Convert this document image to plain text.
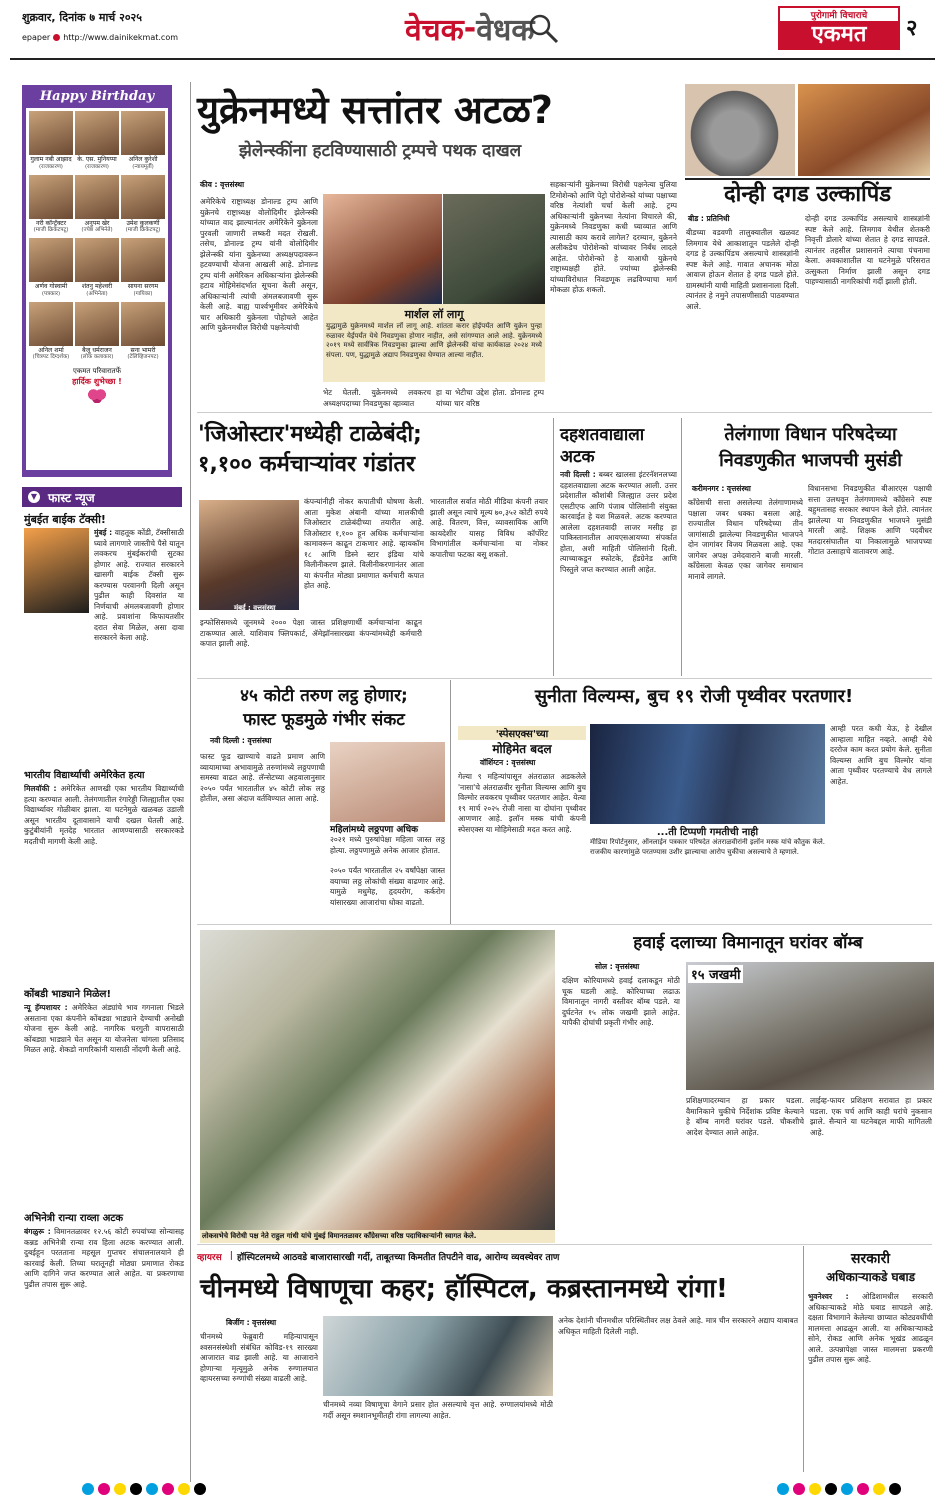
शुक्रवार, दिनांक ७ मार्च २०२५
epaper http://www.dainikekmat.com	वेचक - वेधक	पुरोगामी विचाराचे
एकमत	२
Happy Birthday
गुलाम नबी आझाद
(राजकारण)
के. एस. मुनियप्पा
(राजकारण)
अनिल कुरेशी
(न्यायमूर्ती)
नरी कॉन्ट्रॅक्टर
(माजी क्रिकेटपटू)
अनुपम खेर
(ज्येष्ठ अभिनेते)
उमेश कुलकर्णी
(माजी क्रिकेटपटू)
अर्णव गोस्वामी
(पत्रकार)
शंतनु महेश्वरी
(अभिनेता)
सायना सरगम
(गायिका)
अनिल शर्मा
(चित्रपट दिग्दर्शक)
बैजू धर्मराजन
(लोक कलाकार)
सना भामरी
(टेलिव्हिजनपट)
एकमत परिवारातर्फे
हार्दिक शुभेच्छा !
▼ फास्ट न्यूज
मुंबईत बाईक टॅक्सी!
मुंबई : वाहतूक कोंडी, टॅक्सीसाठी घ्यावे लागणारे जास्तीचे पैसे यातून लवकरच मुंबईकरांची सुटका होणार आहे. राज्यात सरकारने खासगी बाईक टॅक्सी सुरू करण्यास परवानगी दिली असून पुढील काही दिवसांत या निर्णयाची अंमलबजावणी होणार आहे. प्रवाशांना किफायतशीर दरात सेवा मिळेल, असा दावा सरकारने केला आहे.
भारतीय विद्यार्थ्याची अमेरिकेत हत्या
मिलवॉकी : अमेरिकेत आणखी एका भारतीय विद्यार्थ्याची हत्या करण्यात आली. तेलंगणातील रंगारेड्डी जिल्ह्यातील एका विद्यार्थ्यावर गोळीबार झाला. या घटनेमुळे खळबळ उडाली असून भारतीय दूतावासाने याची दखल घेतली आहे. कुटुंबीयांनी मृतदेह भारतात आणण्यासाठी सरकारकडे मदतीची मागणी केली आहे.
कोंबडी भाड्याने मिळेल!
न्यू हॅम्पशायर : अमेरिकेत अंड्यांचे भाव गगनाला भिडले असताना एका कंपनीने कोंबड्या भाड्याने देण्याची अनोखी योजना सुरू केली आहे. नागरिक घरगुती वापरासाठी कोंबड्या भाड्याने घेत असून या योजनेला चांगला प्रतिसाद मिळत आहे. शेकडो नागरिकांनी यासाठी नोंदणी केली आहे.
अभिनेत्री रान्या राव्ला अटक
बंगळुरू : विमानतळावर १२.५६ कोटी रुपयांच्या सोन्यासह कन्नड अभिनेत्री रान्या राव हिला अटक करण्यात आली. दुबईहून परतताना महसूल गुप्तचर संचालनालयाने ही कारवाई केली. तिच्या घरातूनही मोठ्या प्रमाणात रोकड आणि दागिने जप्त करण्यात आले आहेत. या प्रकरणाचा पुढील तपास सुरू आहे.
युक्रेनमध्ये सत्तांतर अटळ?
झेलेन्स्कींना हटविण्यासाठी ट्रम्पचे पथक दाखल
कीव : वृत्तसंस्था
अमेरिकेचे राष्ट्राध्यक्ष डोनाल्ड ट्रम्प आणि युक्रेनचे राष्ट्राध्यक्ष वोलोदिमीर झेलेन्स्की यांच्यात वाद झाल्यानंतर अमेरिकेने युक्रेनला पुरवली जाणारी लष्करी मदत रोखली. तसेच, डोनाल्ड ट्रम्प यांनी वोलोदिमीर झेलेन्स्की यांना युक्रेनच्या अध्यक्षपदावरून हटवण्याची योजना आखली आहे. डोनाल्ड ट्रम्प यांनी अमेरिकन अधिकाऱ्यांना झेलेन्स्की हटाव मोहिमेसंदर्भात सूचना केली असून, अधिकाऱ्यांनी त्यांची अंमलबजावणी सुरू केली आहे. बाह्य पार्श्वभूमीवर अमेरिकेचे चार अधिकारी युक्रेनला पोहोचले आहेत आणि युक्रेनमधील विरोधी पक्षनेत्यांची
मार्शल लॉ लागू
युद्धामुळे युक्रेनमध्ये मार्शल लॉ लागू आहे. शांतता करार होईपर्यंत आणि युक्रेन पुन्हा रुळावर येईपर्यंत येथे निवडणुका होणार नाहीत, असे सांगण्यात आले आहे. युक्रेनमध्ये २०१९ मध्ये सार्वत्रिक निवडणुका झाल्या आणि झेलेन्स्की यांचा कार्यकाळ २०२४ मध्ये संपला. पण, युद्धामुळे अद्याप निवडणुका घेण्यात आल्या नाहीत.
भेट घेतली. युक्रेनमध्ये लवकरच अध्यक्षपदाच्या निवडणुका व्हाव्यात
हा या भेटीचा उद्देश होता. डोनाल्ड ट्रम्प यांच्या चार वरिष्ठ
सहकाऱ्यांनी युक्रेनच्या विरोधी पक्षनेत्या युलिया टिमोशेन्को आणि पेट्रो पोरोशेन्को यांच्या पक्षाच्या वरिष्ठ नेत्यांशी चर्चा केली आहे. ट्रम्प अधिकाऱ्यांनी युक्रेनच्या नेत्यांना विचारले की, युक्रेनमध्ये निवडणुका कधी घ्याव्यात आणि त्यासाठी काय करावे लागेल? दरम्यान, युक्रेनने अलीकडेच पोरोशेन्को यांच्यावर निर्बंध लादले आहेत. पोरोशेन्को हे याआधी युक्रेनचे राष्ट्राध्यक्षही होते. ज्यांच्या झेलेन्स्की यांच्याविरोधात निवडणूक लढविण्याचा मार्ग मोकळा होऊ शकतो.
दोन्ही दगड उल्कापिंड
बीड : प्रतिनिधी
बीडच्या वडवणी तालुक्यातील खळवट लिमगाव येथे आकाशातून पडलेले दोन्ही दगड हे उल्कापिंडच असल्याचे शास्त्रज्ञांनी स्पष्ट केले आहे. गावात अचानक मोठा आवाज होऊन शेतात हे दगड पडले होते. ग्रामस्थांनी याची माहिती प्रशासनाला दिली. त्यानंतर हे नमुने तपासणीसाठी पाठवण्यात आले.
दोन्ही दगड उल्कापिंड असल्याचे शास्त्रज्ञांनी स्पष्ट केले आहे. लिमगाव येथील शेतकरी निवृत्ती डोलारे यांच्या शेतात हे दगड सापडले. त्यानंतर तहसील प्रशासनाने त्याचा पंचनामा केला. अवकाशातील या घटनेमुळे परिसरात उत्सुकता निर्माण झाली असून दगड पाहण्यासाठी नागरिकांची गर्दी झाली होती.
'जिओस्टार'मध्येही टाळेबंदी;
१,१०० कर्मचाऱ्यांवर गंडांतर
मुंबई : वृत्तसंस्था
कंपन्यांनीही नोकर कपातीची घोषणा केली. आता मुकेश अंबानी यांच्या मालकीची जिओस्टार टाळेबंदीच्या तयारीत आहे. जिओस्टार १,१०० हून अधिक कर्मचाऱ्यांना कामावरून काढून टाकणार आहे. व्हायकॉम १८ आणि डिस्ने स्टार इंडिया यांचे विलीनीकरण झाले. विलीनीकरणानंतर आता या कंपनीत मोठ्या प्रमाणात कर्मचारी कपात होत आहे.
भारतातील सर्वात मोठी मीडिया कंपनी तयार झाली असून त्याचे मूल्य ७०,३५२ कोटी रुपये आहे. वितरण, वित्त, व्यावसायिक आणि कायदेशीर यासह विविध कॉर्पोरेट विभागांतील कर्मचाऱ्यांना या नोकर कपातीचा फटका बसू शकतो.
इन्फोसिसमध्ये जूनमध्ये २००० पेक्षा जास्त प्रशिक्षणार्थी कर्मचाऱ्यांना काढून टाकण्यात आले. याशिवाय फ्लिपकार्ट, ॲमेझॉनसारख्या कंपन्यांमध्येही कर्मचारी कपात झाली आहे.
दहशतवाद्याला
अटक
नवी दिल्ली : बब्बर खालसा इंटरनॅशनलच्या दहशतवाद्याला अटक करण्यात आली. उत्तर प्रदेशातील कौशांबी जिल्ह्यात उत्तर प्रदेश एसटीएफ आणि पंजाब पोलिसांनी संयुक्त कारवाईत हे यश मिळवले. अटक करण्यात आलेला दहशतवादी लाजर मसीह हा पाकिस्तानातील आयएसआयच्या संपर्कात होता, अशी माहिती पोलिसांनी दिली. त्याच्याकडून स्फोटके, हँडग्रेनेड आणि पिस्तुले जप्त करण्यात आली आहेत.
तेलंगाणा विधान परिषदेच्या
निवडणुकीत भाजपची मुसंडी
करीमनगर : वृत्तसंस्था
कॉंग्रेसची सत्ता असलेल्या तेलंगाणामध्ये पक्षाला जबर धक्का बसला आहे. राज्यातील विधान परिषदेच्या तीन जागांसाठी झालेल्या निवडणुकीत भाजपने दोन जागांवर विजय मिळवला आहे. एका जागेवर अपक्ष उमेदवाराने बाजी मारली. कॉंग्रेसला केवळ एका जागेवर समाधान मानावे लागले.
विधानसभा निवडणुकीत बीआरएस पक्षाची सत्ता उलथवून तेलंगणामध्ये कॉंग्रेसने स्पष्ट बहुमतासह सरकार स्थापन केले होते. त्यानंतर झालेल्या या निवडणुकीत भाजपने मुसंडी मारली आहे. शिक्षक आणि पदवीधर मतदारसंघातील या निकालामुळे भाजपच्या गोटात उत्साहाचे वातावरण आहे.
४५ कोटी तरुण लट्ठ होणार;
फास्ट फूडमुळे गंभीर संकट
नवी दिल्ली : वृत्तसंस्था
फास्ट फूड खाण्याचे वाढते प्रमाण आणि व्यायामाच्या अभावामुळे तरुणांमध्ये लठ्ठपणाची समस्या वाढत आहे. लॅन्सेटच्या अहवालानुसार २०५० पर्यंत भारतातील ४५ कोटी लोक लठ्ठ होतील, असा अंदाज वर्तविण्यात आला आहे.
महिलांमध्ये लठ्ठपणा अधिक
२०२१ मध्ये पुरुषांपेक्षा महिला जास्त लठ्ठ होत्या. लठ्ठपणामुळे अनेक आजार होतात.
२०५० पर्यंत भारतातील २५ वर्षांपेक्षा जास्त वयाच्या लठ्ठ लोकांची संख्या वाढणार आहे. यामुळे मधुमेह, हृदयरोग, कर्करोग यांसारख्या आजारांचा धोका वाढतो.
सुनीता विल्यम्स, बुच १९ रोजी पृथ्वीवर परतणार!
'स्पेसएक्स'च्या
मोहिमेत बदल
वॉशिंग्टन : वृत्तसंस्था
गेल्या ९ महिन्यांपासून अंतराळात अडकलेले 'नासा'चे अंतराळवीर सुनीता विल्यम्स आणि बुच विल्मोर लवकरच पृथ्वीवर परतणार आहेत. येत्या १९ मार्च २०२५ रोजी नासा या दोघांना पृथ्वीवर आणणार आहे. इलॉन मस्क यांची कंपनी स्पेसएक्स या मोहिमेसाठी मदत करत आहे.	...ती टिप्पणी गमतीची नाही
मीडिया रिपोर्टनुसार, ऑनलाईन पत्रकार परिषदेत अंतराळवीरांनी इलॉन मस्क यांचे कौतुक केले. राजकीय कारणांमुळे परतण्यास उशीर झाल्याचा आरोप चुकीचा असल्याचे ते म्हणाले.
आम्ही परत कधी येऊ, हे देखील आम्हाला माहित नव्हते. आम्ही येथे दररोज काम करत प्रयोग केले. सुनीता विल्यम्स आणि बुच विल्मोर यांना आता पृथ्वीवर परतण्याचे वेध लागले आहेत.
लोकसभेचे विरोधी पक्ष नेते राहुल गांधी यांचे मुंबई विमानतळावर कॉंग्रेसच्या वरिष्ठ पदाधिकाऱ्यांनी स्वागत केले.
हवाई दलाच्या विमानातून घरांवर बॉम्ब
सोल : वृत्तसंस्था
दक्षिण कोरियामध्ये हवाई दलाकडून मोठी चूक घडली आहे. कोरियाच्या लढाऊ विमानातून नागरी वस्तीवर बॉम्ब पडले. या दुर्घटनेत १५ लोक जखमी झाले आहेत. यापैकी दोघांची प्रकृती गंभीर आहे.
१५ जखमी
प्रशिक्षणादरम्यान हा प्रकार घडला. वैमानिकाने चुकीचे निर्देशांक प्रविष्ट केल्याने हे बॉम्ब नागरी घरांवर पडले. चौकशीचे आदेश देण्यात आले आहेत.
लाईव्ह-फायर प्रशिक्षण सरावात हा प्रकार घडला. एक चर्च आणि काही घरांचे नुकसान झाले. सैन्याने या घटनेबद्दल माफी मागितली आहे.
व्हायरस | हॉस्पिटलमध्ये आठवडे बाजारासारखी गर्दी, ताबूतच्या किमतीत तिपटीने वाढ, आरोग्य व्यवस्थेवर ताण
चीनमध्ये विषाणूचा कहर; हॉस्पिटल, कब्रस्तानमध्ये रांगा!
बिजींग : वृत्तसंस्था
चीनमध्ये फेब्रुवारी महिन्यापासून श्वसनसंस्थेशी संबंधित कोविड-१९ सारख्या आजारात वाढ झाली आहे. या आजाराने होणाऱ्या मृत्यूमुळे अनेक रुग्णालयात व्हायरसच्या रुग्णांची संख्या वाढली आहे.
चीनमध्ये नव्या विषाणूचा वेगाने प्रसार होत असल्याचे वृत्त आहे. रुग्णालयांमध्ये मोठी गर्दी असून स्मशानभूमीतही रांगा लागल्या आहेत.
अनेक देशांनी चीनमधील परिस्थितीवर लक्ष ठेवले आहे. मात्र चीन सरकारने अद्याप याबाबत अधिकृत माहिती दिलेली नाही.
सरकारी
अधिकाऱ्याकडे घबाड
भुवनेश्वर : ओडिशामधील सरकारी अधिकाऱ्याकडे मोठे घबाड सापडले आहे. दक्षता विभागाने केलेल्या छाप्यात कोट्यवधींची मालमत्ता आढळून आली. या अधिकाऱ्याकडे सोने, रोकड आणि अनेक भूखंड आढळून आले. उत्पन्नापेक्षा जास्त मालमत्ता प्रकरणी पुढील तपास सुरू आहे.
